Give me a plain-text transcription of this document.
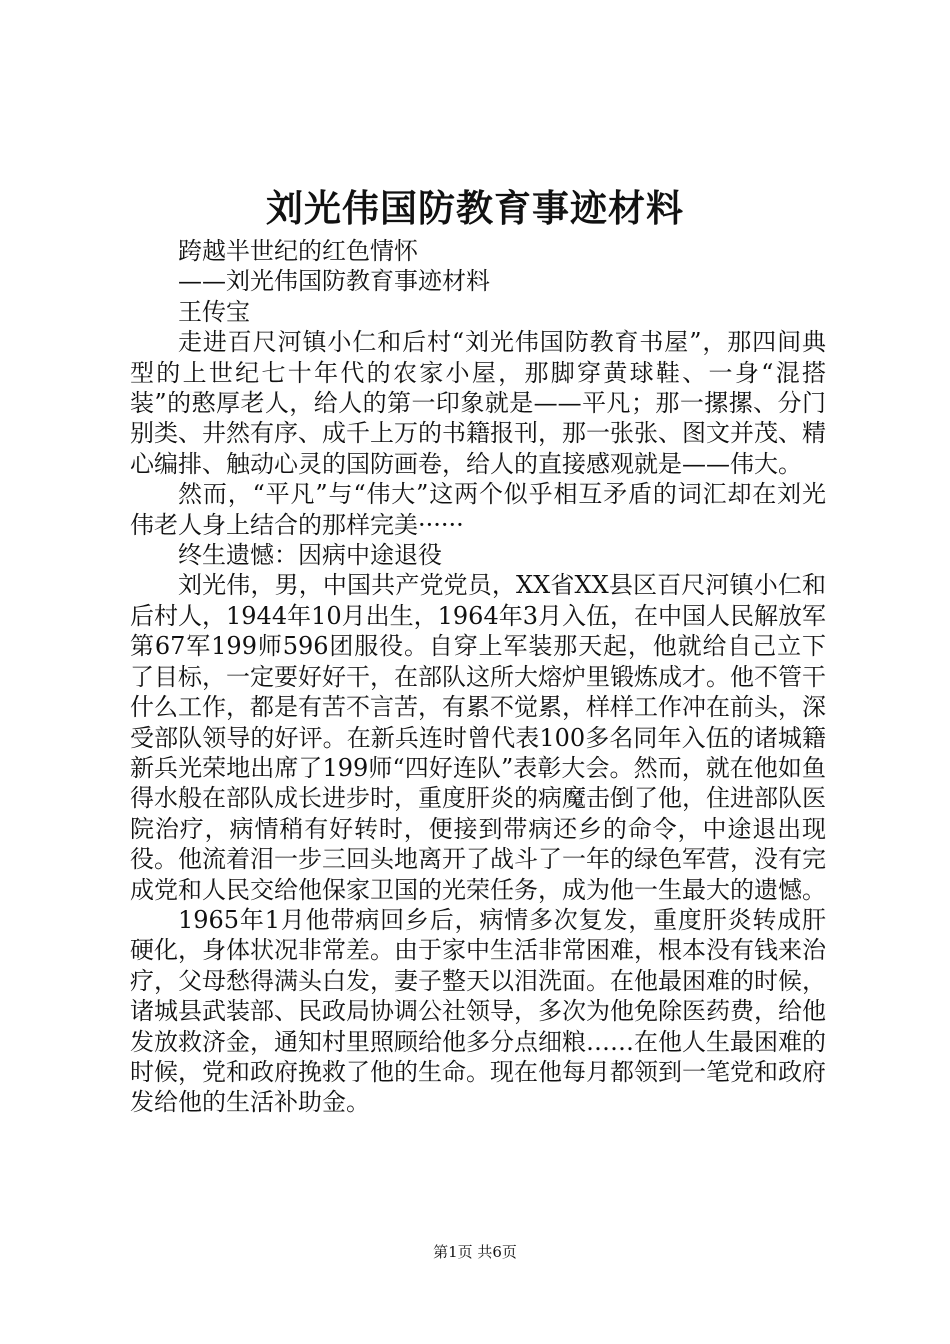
刘光伟国防教育事迹材料

跨越半世纪的红色情怀

——刘光伟国防教育事迹材料

王传宝

走进百尺河镇小仁和后村“刘光伟国防教育书屋”，那四间典型的上世纪七十年代的农家小屋，那脚穿黄球鞋、一身“混搭装”的憨厚老人，给人的第一印象就是——平凡；那一摞摞、分门别类、井然有序、成千上万的书籍报刊，那一张张、图文并茂、精心编排、触动心灵的国防画卷，给人的直接感观就是——伟大。

然而，“平凡”与“伟大”这两个似乎相互矛盾的词汇却在刘光伟老人身上结合的那样完美······

终生遗憾：因病中途退役

刘光伟，男，中国共产党党员，XX省XX县区百尺河镇小仁和后村人，1944年10月出生，1964年3月入伍，在中国人民解放军第67军199师596团服役。自穿上军装那天起，他就给自己立下了目标，一定要好好干，在部队这所大熔炉里锻炼成才。他不管干什么工作，都是有苦不言苦，有累不觉累，样样工作冲在前头，深受部队领导的好评。在新兵连时曾代表100多名同年入伍的诸城籍新兵光荣地出席了199师“四好连队”表彰大会。然而，就在他如鱼得水般在部队成长进步时，重度肝炎的病魔击倒了他，住进部队医院治疗，病情稍有好转时，便接到带病还乡的命令，中途退出现役。他流着泪一步三回头地离开了战斗了一年的绿色军营，没有完成党和人民交给他保家卫国的光荣任务，成为他一生最大的遗憾。

1965年1月他带病回乡后，病情多次复发，重度肝炎转成肝硬化，身体状况非常差。由于家中生活非常困难，根本没有钱来治疗，父母愁得满头白发，妻子整天以泪洗面。在他最困难的时候，诸城县武装部、民政局协调公社领导，多次为他免除医药费，给他发放救济金，通知村里照顾给他多分点细粮……在他人生最困难的时候，党和政府挽救了他的生命。现在他每月都领到一笔党和政府发给他的生活补助金。

第1页 共6页
